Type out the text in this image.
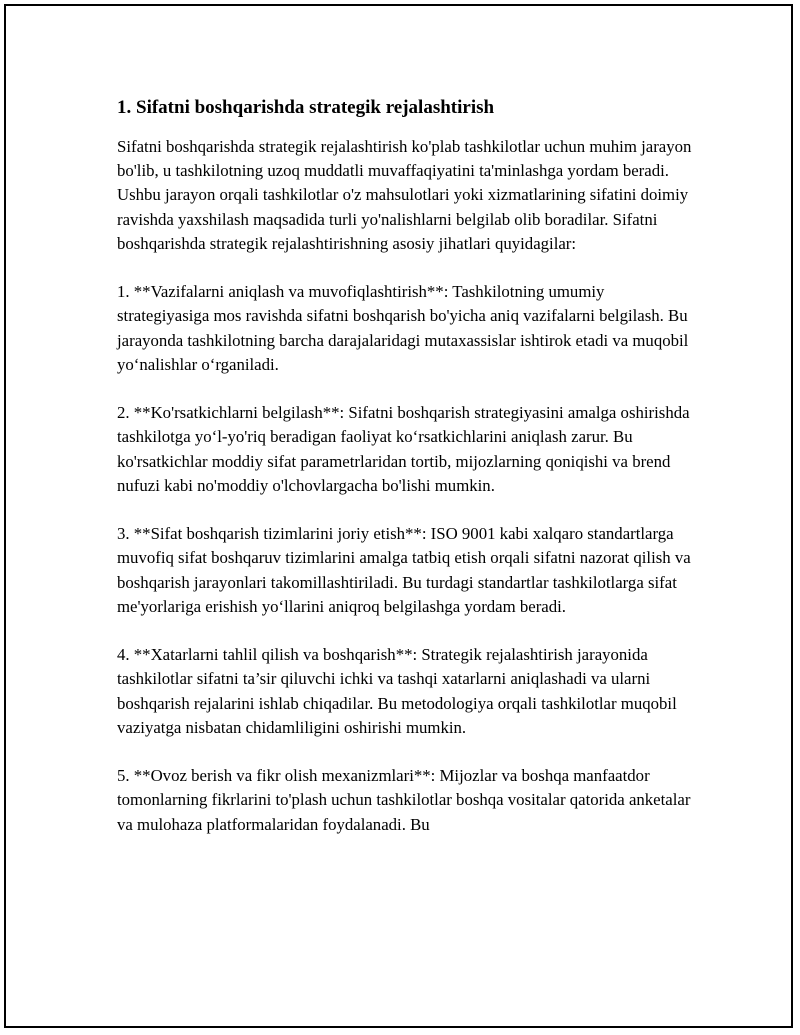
1. Sifatni boshqarishda strategik rejalashtirish

Sifatni boshqarishda strategik rejalashtirish ko'plab tashkilotlar uchun muhim jarayon bo'lib, u tashkilotning uzoq muddatli muvaffaqiyatini ta'minlashga yordam beradi. Ushbu jarayon orqali tashkilotlar o'z mahsulotlari yoki xizmatlarining sifatini doimiy ravishda yaxshilash maqsadida turli yo'nalishlarni belgilab olib boradilar. Sifatni boshqarishda strategik rejalashtirishning asosiy jihatlari quyidagilar:

1. **Vazifalarni aniqlash va muvofiqlashtirish**: Tashkilotning umumiy strategiyasiga mos ravishda sifatni boshqarish bo'yicha aniq vazifalarni belgilash. Bu jarayonda tashkilotning barcha darajalaridagi mutaxassislar ishtirok etadi va muqobil yo‘nalishlar o‘rganiladi.

2. **Ko'rsatkichlarni belgilash**: Sifatni boshqarish strategiyasini amalga oshirishda tashkilotga yo‘l-yo'riq beradigan faoliyat ko‘rsatkichlarini aniqlash zarur. Bu ko'rsatkichlar moddiy sifat parametrlaridan tortib, mijozlarning qoniqishi va brend nufuzi kabi no'moddiy o'lchovlargacha bo'lishi mumkin.

3. **Sifat boshqarish tizimlarini joriy etish**: ISO 9001 kabi xalqaro standartlarga muvofiq sifat boshqaruv tizimlarini amalga tatbiq etish orqali sifatni nazorat qilish va boshqarish jarayonlari takomillashtiriladi. Bu turdagi standartlar tashkilotlarga sifat me'yorlariga erishish yo‘llarini aniqroq belgilashga yordam beradi.

4. **Xatarlarni tahlil qilish va boshqarish**: Strategik rejalashtirish jarayonida tashkilotlar sifatni ta’sir qiluvchi ichki va tashqi xatarlarni aniqlashadi va ularni boshqarish rejalarini ishlab chiqadilar. Bu metodologiya orqali tashkilotlar muqobil vaziyatga nisbatan chidamliligini oshirishi mumkin.

5. **Ovoz berish va fikr olish mexanizmlari**: Mijozlar va boshqa manfaatdor tomonlarning fikrlarini to'plash uchun tashkilotlar boshqa vositalar qatorida anketalar va mulohaza platformalaridan foydalanadi. Bu
